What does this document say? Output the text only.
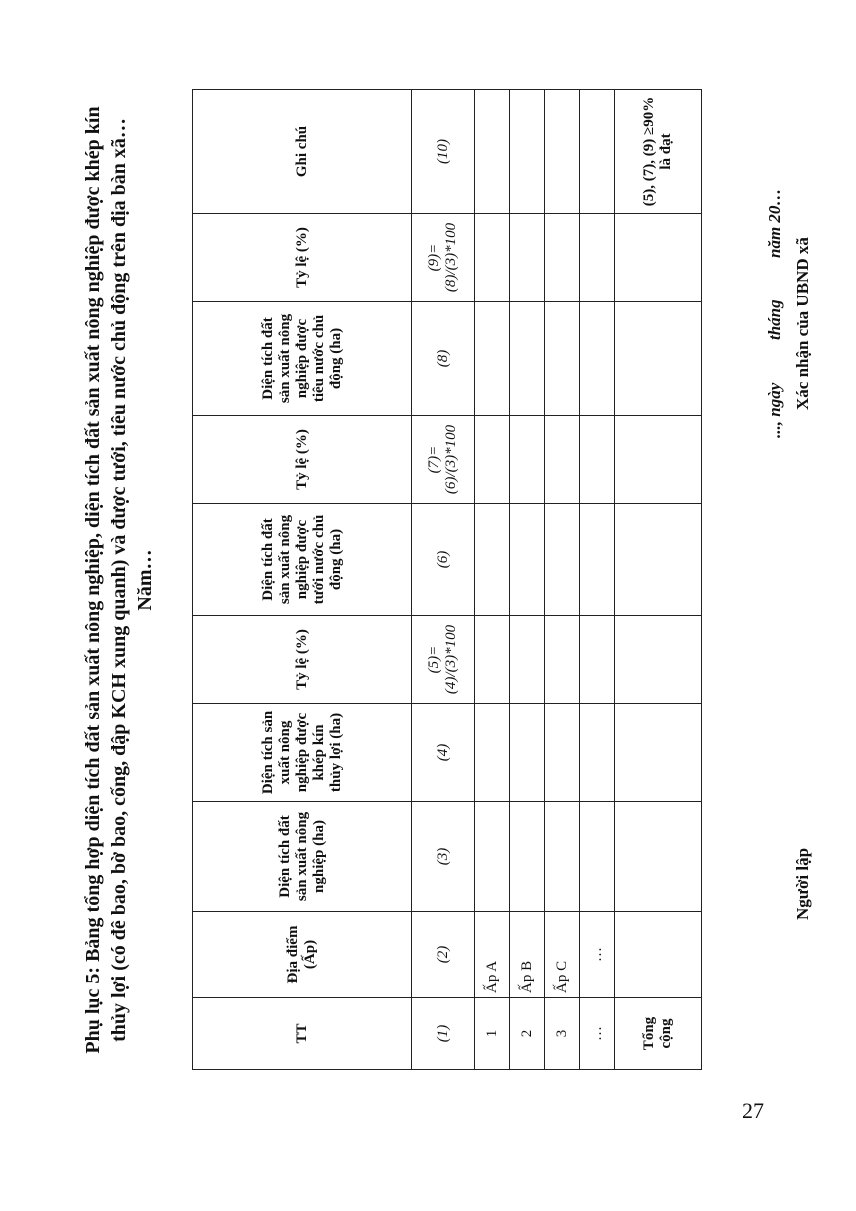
Phụ lục 5: Bảng tổng hợp diện tích đất sản xuất nông nghiệp, diện tích đất sản xuất nông nghiệp được khép kín thủy lợi (có đê bao, bờ bao, cống, đập KCH xung quanh) và được tưới, tiêu nước chủ động trên địa bàn xã… Năm…

TT	Địa điểm (Ấp)	Diện tích đất sản xuất nông nghiệp (ha)	Diện tích sản xuất nông nghiệp được khép kín thủy lợi (ha)	Tỷ lệ (%)	Diện tích đất sản xuất nông nghiệp được tưới nước chủ động (ha)	Tỷ lệ (%)	Diện tích đất sản xuất nông nghiệp được tiêu nước chủ động (ha)	Tỷ lệ (%)	Ghi chú
(1)	(2)	(3)	(4)	(5)=(4)/(3)*100	(6)	(7)=(6)/(3)*100	(8)	(9)=(8)/(3)*100	(10)
1	Ấp A								
2	Ấp B								
3	Ấp C								
…	…								
Tổng cộng									(5), (7), (9) ≥90% là đạt
..., ngày
tháng
năm 20…
Người lập
Xác nhận của UBND xã
27
